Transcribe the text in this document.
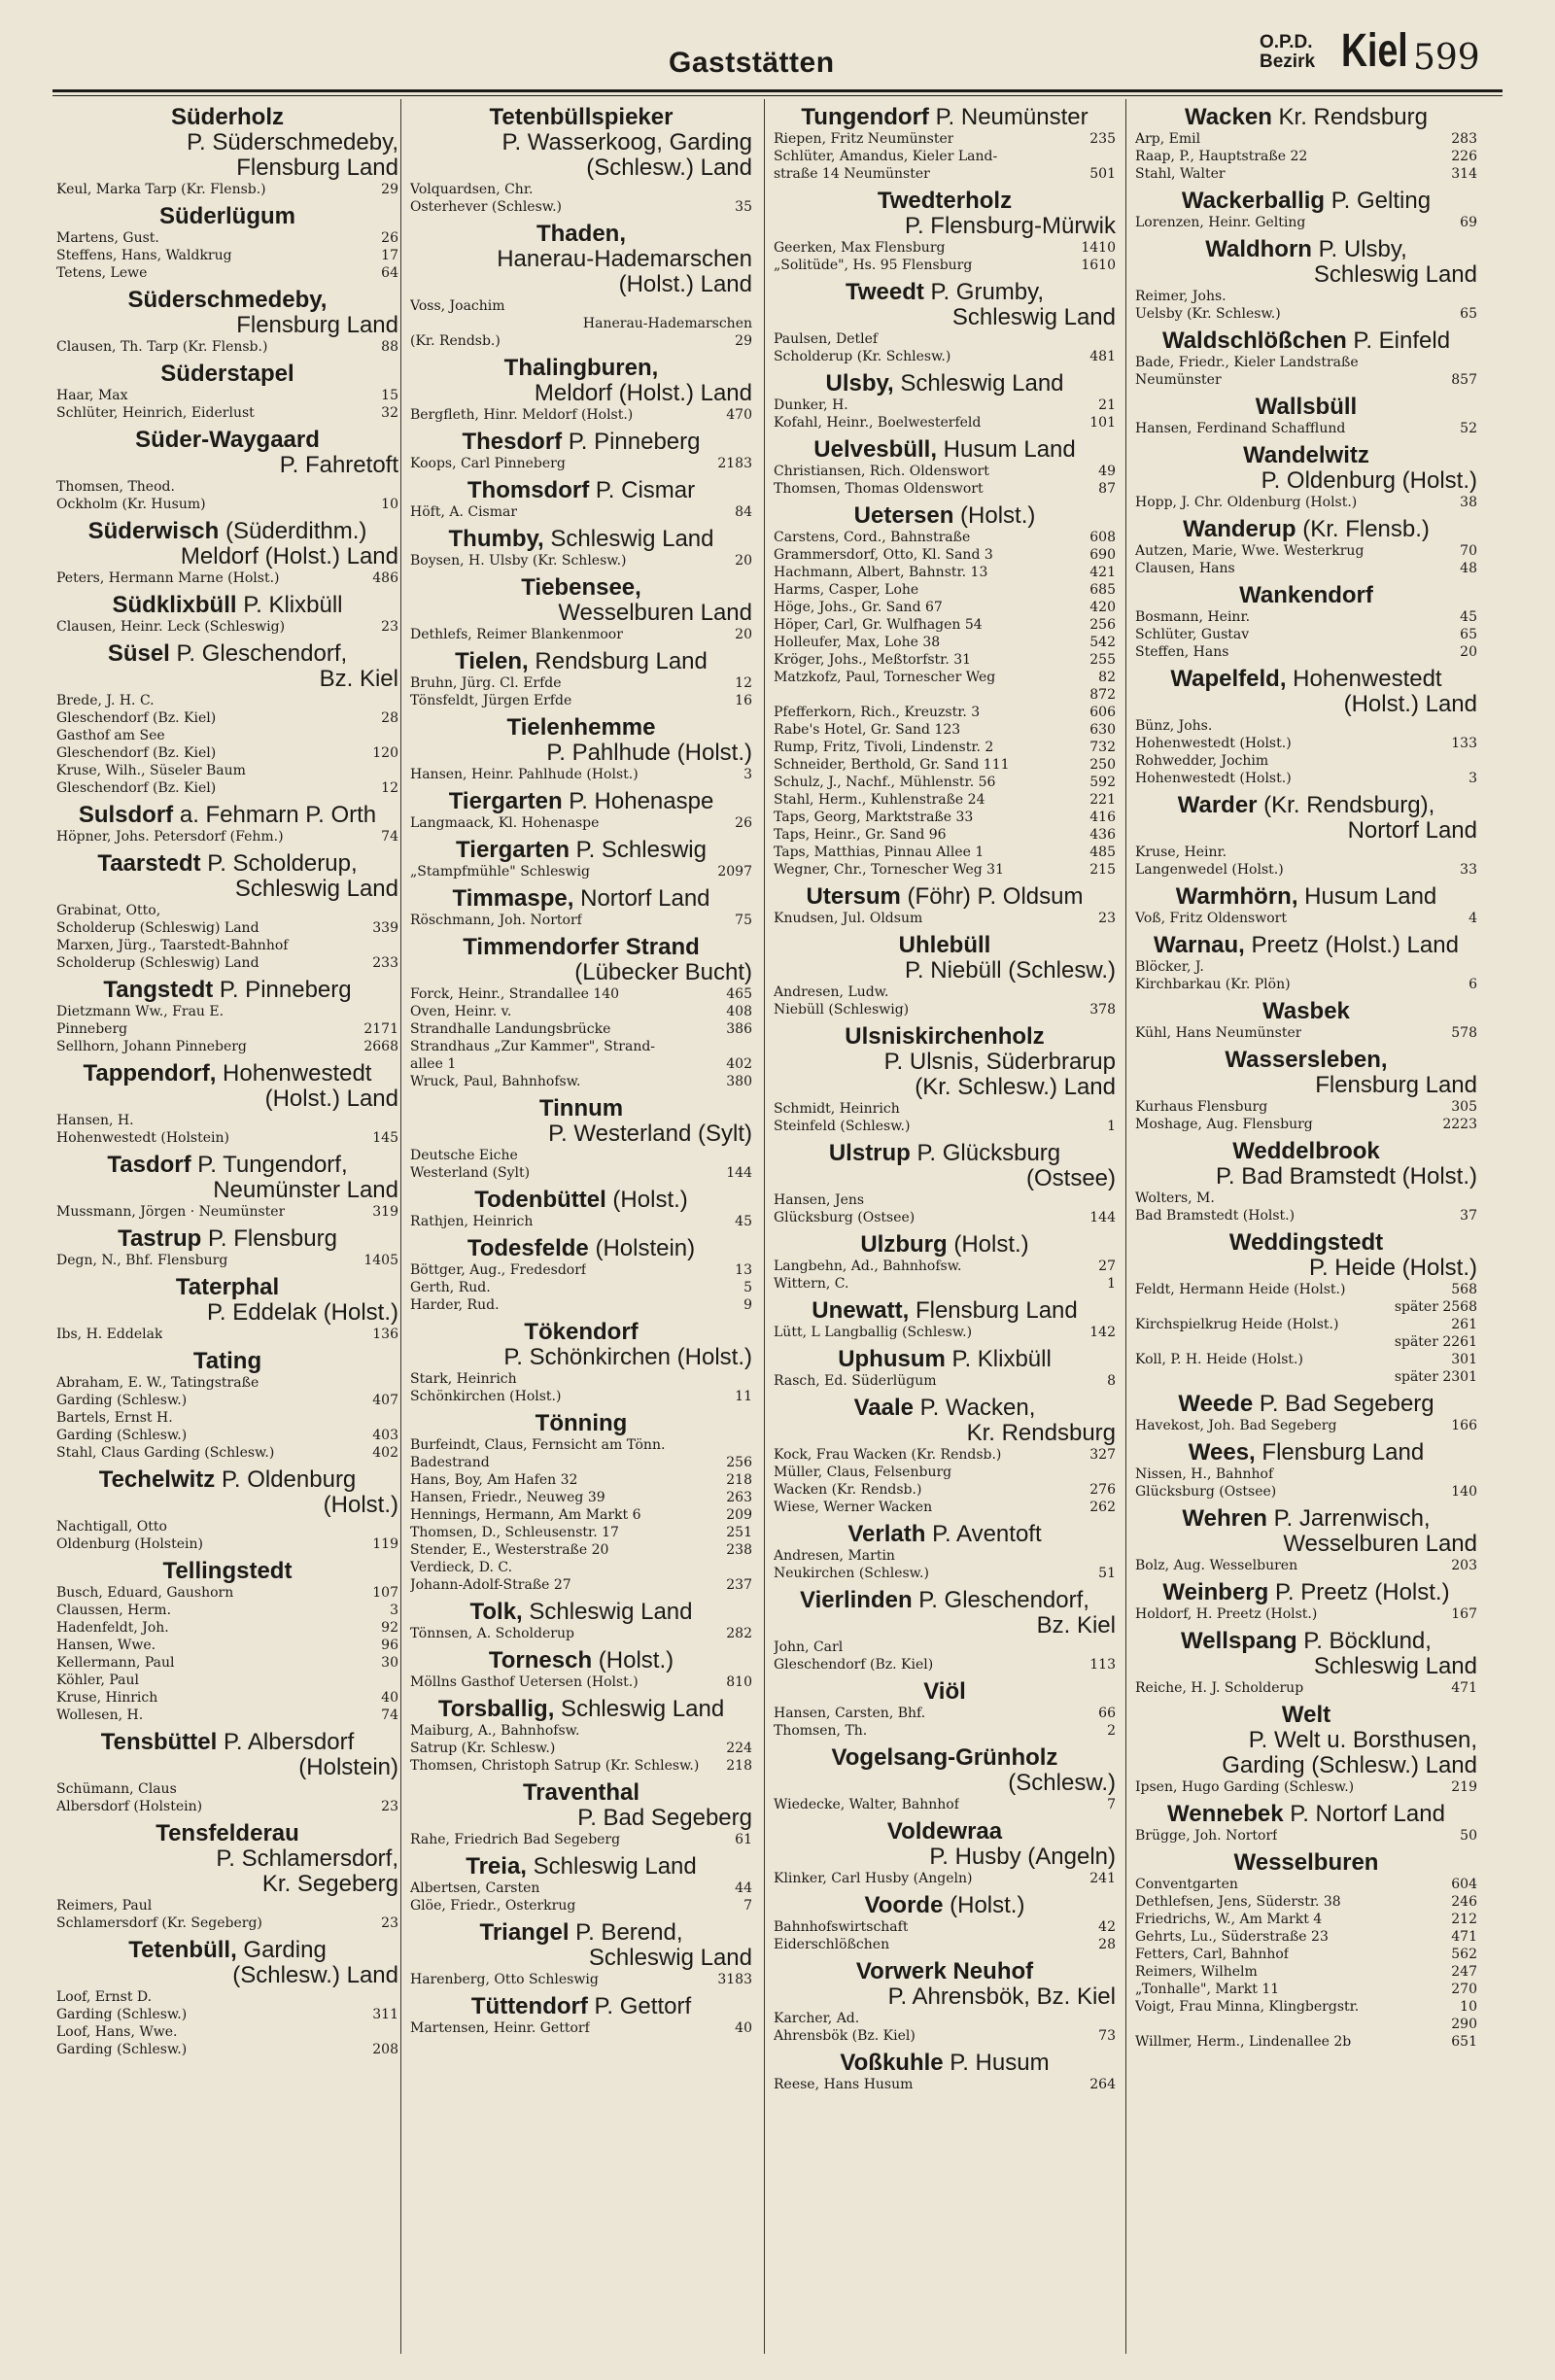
Gaststätten
O.P.D.
Bezirk Kiel 599
Süderholz
P. Süderschmedeby,
Flensburg Land
Keul, Marka Tarp (Kr. Flensb.)	29
Süderlügum
Martens, Gust.	26
Steffens, Hans, Waldkrug	17
Tetens, Lewe	64
Süderschmedeby,
Flensburg Land
Clausen, Th. Tarp (Kr. Flensb.)	88
Süderstapel
Haar, Max	15
Schlüter, Heinrich, Eiderlust	32
Süder-Waygaard
P. Fahretoft
Thomsen, Theod.
Ockholm (Kr. Husum)	10
Süderwisch (Süderdithm.)
Meldorf (Holst.) Land
Peters, Hermann Marne (Holst.)	486
Südklixbüll P. Klixbüll
Clausen, Heinr. Leck (Schleswig)	23
Süsel P. Gleschendorf,
Bz. Kiel
Brede, J. H. C.
Gleschendorf (Bz. Kiel)	28
Gasthof am See
Gleschendorf (Bz. Kiel)	120
Kruse, Wilh., Süseler Baum
Gleschendorf (Bz. Kiel)	12
Sulsdorf a. Fehmarn P. Orth
Höpner, Johs. Petersdorf (Fehm.)	74
Taarstedt P. Scholderup,
Schleswig Land
Grabinat, Otto,
Scholderup (Schleswig) Land	339
Marxen, Jürg., Taarstedt-Bahnhof
Scholderup (Schleswig) Land	233
Tangstedt P. Pinneberg
Dietzmann Ww., Frau E.
Pinneberg	2171
Sellhorn, Johann Pinneberg	2668
Tappendorf, Hohenwestedt
(Holst.) Land
Hansen, H.
Hohenwestedt (Holstein)	145
Tasdorf P. Tungendorf,
Neumünster Land
Mussmann, Jörgen · Neumünster	319
Tastrup P. Flensburg
Degn, N., Bhf. Flensburg	1405
Taterphal
P. Eddelak (Holst.)
Ibs, H. Eddelak	136
Tating
Abraham, E. W., Tatingstraße
Garding (Schlesw.)	407
Bartels, Ernst H.
Garding (Schlesw.)	403
Stahl, Claus Garding (Schlesw.)	402
Techelwitz P. Oldenburg
(Holst.)
Nachtigall, Otto
Oldenburg (Holstein)	119
Tellingstedt
Busch, Eduard, Gaushorn	107
Claussen, Herm.	3
Hadenfeldt, Joh.	92
Hansen, Wwe.	96
Kellermann, Paul	30
Köhler, Paul
Kruse, Hinrich	40
Wollesen, H.	74
Tensbüttel P. Albersdorf
(Holstein)
Schümann, Claus
Albersdorf (Holstein)	23
Tensfelderau
P. Schlamersdorf,
Kr. Segeberg
Reimers, Paul
Schlamersdorf (Kr. Segeberg)	23
Tetenbüll, Garding
(Schlesw.) Land
Loof, Ernst D.
Garding (Schlesw.)	311
Loof, Hans, Wwe.
Garding (Schlesw.)	208
Tetenbüllspieker
P. Wasserkoog, Garding
(Schlesw.) Land
Volquardsen, Chr.
Osterhever (Schlesw.)	35
Thaden,
Hanerau-Hademarschen
(Holst.) Land
Voss, Joachim
Hanerau-Hademarschen
(Kr. Rendsb.)	29
Thalingburen,
Meldorf (Holst.) Land
Bergfleth, Hinr. Meldorf (Holst.)	470
Thesdorf P. Pinneberg
Koops, Carl Pinneberg	2183
Thomsdorf P. Cismar
Höft, A. Cismar	84
Thumby, Schleswig Land
Boysen, H. Ulsby (Kr. Schlesw.)	20
Tiebensee,
Wesselburen Land
Dethlefs, Reimer Blankenmoor	20
Tielen, Rendsburg Land
Bruhn, Jürg. Cl. Erfde	12
Tönsfeldt, Jürgen Erfde	16
Tielenhemme
P. Pahlhude (Holst.)
Hansen, Heinr. Pahlhude (Holst.)	3
Tiergarten P. Hohenaspe
Langmaack, Kl. Hohenaspe	26
Tiergarten P. Schleswig
„Stampfmühle" Schleswig	2097
Timmaspe, Nortorf Land
Röschmann, Joh. Nortorf	75
Timmendorfer Strand
(Lübecker Bucht)
Forck, Heinr., Strandallee 140	465
Oven, Heinr. v.	408
Strandhalle Landungsbrücke	386
Strandhaus „Zur Kammer", Strand-
allee 1	402
Wruck, Paul, Bahnhofsw.	380
Tinnum
P. Westerland (Sylt)
Deutsche Eiche
Westerland (Sylt)	144
Todenbüttel (Holst.)
Rathjen, Heinrich	45
Todesfelde (Holstein)
Böttger, Aug., Fredesdorf	13
Gerth, Rud.	5
Harder, Rud.	9
Tökendorf
P. Schönkirchen (Holst.)
Stark, Heinrich
Schönkirchen (Holst.)	11
Tönning
Burfeindt, Claus, Fernsicht am Tönn.
Badestrand	256
Hans, Boy, Am Hafen 32	218
Hansen, Friedr., Neuweg 39	263
Hennings, Hermann, Am Markt 6	209
Thomsen, D., Schleusenstr. 17	251
Stender, E., Westerstraße 20	238
Verdieck, D. C.
Johann-Adolf-Straße 27	237
Tolk, Schleswig Land
Tönnsen, A. Scholderup	282
Tornesch (Holst.)
Möllns Gasthof Uetersen (Holst.)	810
Torsballig, Schleswig Land
Maiburg, A., Bahnhofsw.
Satrup (Kr. Schlesw.)	224
Thomsen, Christoph Satrup (Kr. Schlesw.)	218
Traventhal
P. Bad Segeberg
Rahe, Friedrich Bad Segeberg	61
Treia, Schleswig Land
Albertsen, Carsten	44
Glöe, Friedr., Osterkrug	7
Triangel P. Berend,
Schleswig Land
Harenberg, Otto Schleswig	3183
Tüttendorf P. Gettorf
Martensen, Heinr. Gettorf	40
Tungendorf P. Neumünster
Riepen, Fritz Neumünster	235
Schlüter, Amandus, Kieler Land-
straße 14 Neumünster	501
Twedterholz
P. Flensburg-Mürwik
Geerken, Max Flensburg	1410
„Solitüde", Hs. 95 Flensburg	1610
Tweedt P. Grumby,
Schleswig Land
Paulsen, Detlef
Scholderup (Kr. Schlesw.)	481
Ulsby, Schleswig Land
Dunker, H.	21
Kofahl, Heinr., Boelwesterfeld	101
Uelvesbüll, Husum Land
Christiansen, Rich. Oldenswort	49
Thomsen, Thomas Oldenswort	87
Uetersen (Holst.)
Carstens, Cord., Bahnstraße	608
Grammersdorf, Otto, Kl. Sand 3	690
Hachmann, Albert, Bahnstr. 13	421
Harms, Casper, Lohe	685
Höge, Johs., Gr. Sand 67	420
Höper, Carl, Gr. Wulfhagen 54	256
Holleufer, Max, Lohe 38	542
Kröger, Johs., Meßtorfstr. 31	255
Matzkofz, Paul, Tornescher Weg	82
872
Pfefferkorn, Rich., Kreuzstr. 3	606
Rabe's Hotel, Gr. Sand 123	630
Rump, Fritz, Tivoli, Lindenstr. 2	732
Schneider, Berthold, Gr. Sand 111	250
Schulz, J., Nachf., Mühlenstr. 56	592
Stahl, Herm., Kuhlenstraße 24	221
Taps, Georg, Marktstraße 33	416
Taps, Heinr., Gr. Sand 96	436
Taps, Matthias, Pinnau Allee 1	485
Wegner, Chr., Tornescher Weg 31	215
Utersum (Föhr) P. Oldsum
Knudsen, Jul. Oldsum	23
Uhlebüll
P. Niebüll (Schlesw.)
Andresen, Ludw.
Niebüll (Schleswig)	378
Ulsniskirchenholz
P. Ulsnis, Süderbrarup
(Kr. Schlesw.) Land
Schmidt, Heinrich
Steinfeld (Schlesw.)	1
Ulstrup P. Glücksburg
(Ostsee)
Hansen, Jens
Glücksburg (Ostsee)	144
Ulzburg (Holst.)
Langbehn, Ad., Bahnhofsw.	27
Wittern, C.	1
Unewatt, Flensburg Land
Lütt, L Langballig (Schlesw.)	142
Uphusum P. Klixbüll
Rasch, Ed. Süderlügum	8
Vaale P. Wacken,
Kr. Rendsburg
Kock, Frau Wacken (Kr. Rendsb.)	327
Müller, Claus, Felsenburg
Wacken (Kr. Rendsb.)	276
Wiese, Werner Wacken	262
Verlath P. Aventoft
Andresen, Martin
Neukirchen (Schlesw.)	51
Vierlinden P. Gleschendorf,
Bz. Kiel
John, Carl
Gleschendorf (Bz. Kiel)	113
Viöl
Hansen, Carsten, Bhf.	66
Thomsen, Th.	2
Vogelsang-Grünholz
(Schlesw.)
Wiedecke, Walter, Bahnhof	7
Voldewraa
P. Husby (Angeln)
Klinker, Carl Husby (Angeln)	241
Voorde (Holst.)
Bahnhofswirtschaft	42
Eiderschlößchen	28
Vorwerk Neuhof
P. Ahrensbök, Bz. Kiel
Karcher, Ad.
Ahrensbök (Bz. Kiel)	73
Voßkuhle P. Husum
Reese, Hans Husum	264
Wacken Kr. Rendsburg
Arp, Emil	283
Raap, P., Hauptstraße 22	226
Stahl, Walter	314
Wackerballig P. Gelting
Lorenzen, Heinr. Gelting	69
Waldhorn P. Ulsby,
Schleswig Land
Reimer, Johs.
Uelsby (Kr. Schlesw.)	65
Waldschlößchen P. Einfeld
Bade, Friedr., Kieler Landstraße
Neumünster	857
Wallsbüll
Hansen, Ferdinand Schafflund	52
Wandelwitz
P. Oldenburg (Holst.)
Hopp, J. Chr. Oldenburg (Holst.)	38
Wanderup (Kr. Flensb.)
Autzen, Marie, Wwe. Westerkrug	70
Clausen, Hans	48
Wankendorf
Bosmann, Heinr.	45
Schlüter, Gustav	65
Steffen, Hans	20
Wapelfeld, Hohenwestedt
(Holst.) Land
Bünz, Johs.
Hohenwestedt (Holst.)	133
Rohwedder, Jochim
Hohenwestedt (Holst.)	3
Warder (Kr. Rendsburg),
Nortorf Land
Kruse, Heinr.
Langenwedel (Holst.)	33
Warmhörn, Husum Land
Voß, Fritz Oldenswort	4
Warnau, Preetz (Holst.) Land
Blöcker, J.
Kirchbarkau (Kr. Plön)	6
Wasbek
Kühl, Hans Neumünster	578
Wassersleben,
Flensburg Land
Kurhaus Flensburg	305
Moshage, Aug. Flensburg	2223
Weddelbrook
P. Bad Bramstedt (Holst.)
Wolters, M.
Bad Bramstedt (Holst.)	37
Weddingstedt
P. Heide (Holst.)
Feldt, Hermann Heide (Holst.)	568
später 2568
Kirchspielkrug Heide (Holst.)	261
später 2261
Koll, P. H. Heide (Holst.)	301
später 2301
Weede P. Bad Segeberg
Havekost, Joh. Bad Segeberg	166
Wees, Flensburg Land
Nissen, H., Bahnhof
Glücksburg (Ostsee)	140
Wehren P. Jarrenwisch,
Wesselburen Land
Bolz, Aug. Wesselburen	203
Weinberg P. Preetz (Holst.)
Holdorf, H. Preetz (Holst.)	167
Wellspang P. Böcklund,
Schleswig Land
Reiche, H. J. Scholderup	471
Welt
P. Welt u. Borsthusen,
Garding (Schlesw.) Land
Ipsen, Hugo Garding (Schlesw.)	219
Wennebek P. Nortorf Land
Brügge, Joh. Nortorf	50
Wesselburen
Conventgarten	604
Dethlefsen, Jens, Süderstr. 38	246
Friedrichs, W., Am Markt 4	212
Gehrts, Lu., Süderstraße 23	471
Fetters, Carl, Bahnhof	562
Reimers, Wilhelm	247
„Tonhalle", Markt 11	270
Voigt, Frau Minna, Klingbergstr.	10
290
Willmer, Herm., Lindenallee 2b	651
